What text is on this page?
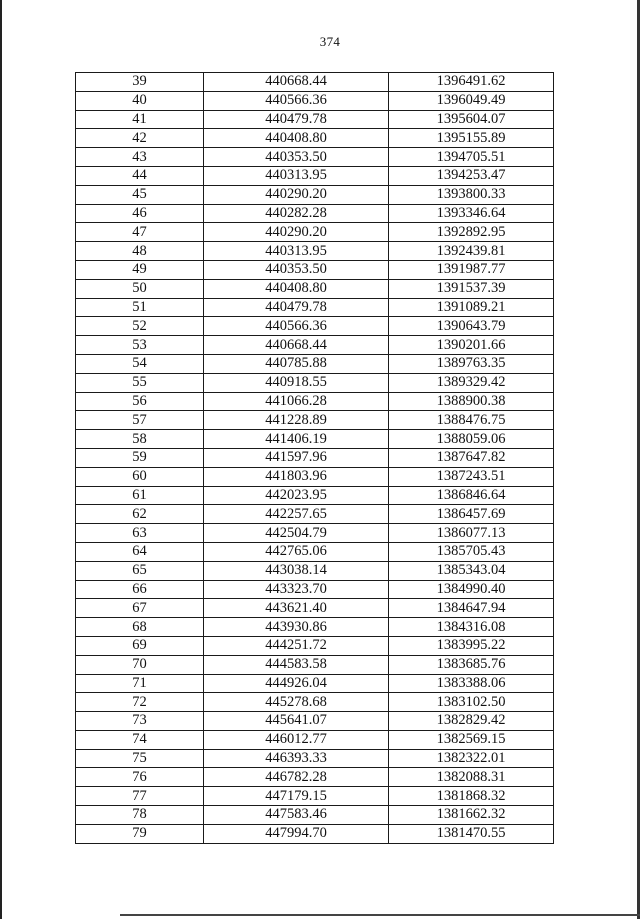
374
39	440668.44	1396491.62
40	440566.36	1396049.49
41	440479.78	1395604.07
42	440408.80	1395155.89
43	440353.50	1394705.51
44	440313.95	1394253.47
45	440290.20	1393800.33
46	440282.28	1393346.64
47	440290.20	1392892.95
48	440313.95	1392439.81
49	440353.50	1391987.77
50	440408.80	1391537.39
51	440479.78	1391089.21
52	440566.36	1390643.79
53	440668.44	1390201.66
54	440785.88	1389763.35
55	440918.55	1389329.42
56	441066.28	1388900.38
57	441228.89	1388476.75
58	441406.19	1388059.06
59	441597.96	1387647.82
60	441803.96	1387243.51
61	442023.95	1386846.64
62	442257.65	1386457.69
63	442504.79	1386077.13
64	442765.06	1385705.43
65	443038.14	1385343.04
66	443323.70	1384990.40
67	443621.40	1384647.94
68	443930.86	1384316.08
69	444251.72	1383995.22
70	444583.58	1383685.76
71	444926.04	1383388.06
72	445278.68	1383102.50
73	445641.07	1382829.42
74	446012.77	1382569.15
75	446393.33	1382322.01
76	446782.28	1382088.31
77	447179.15	1381868.32
78	447583.46	1381662.32
79	447994.70	1381470.55
